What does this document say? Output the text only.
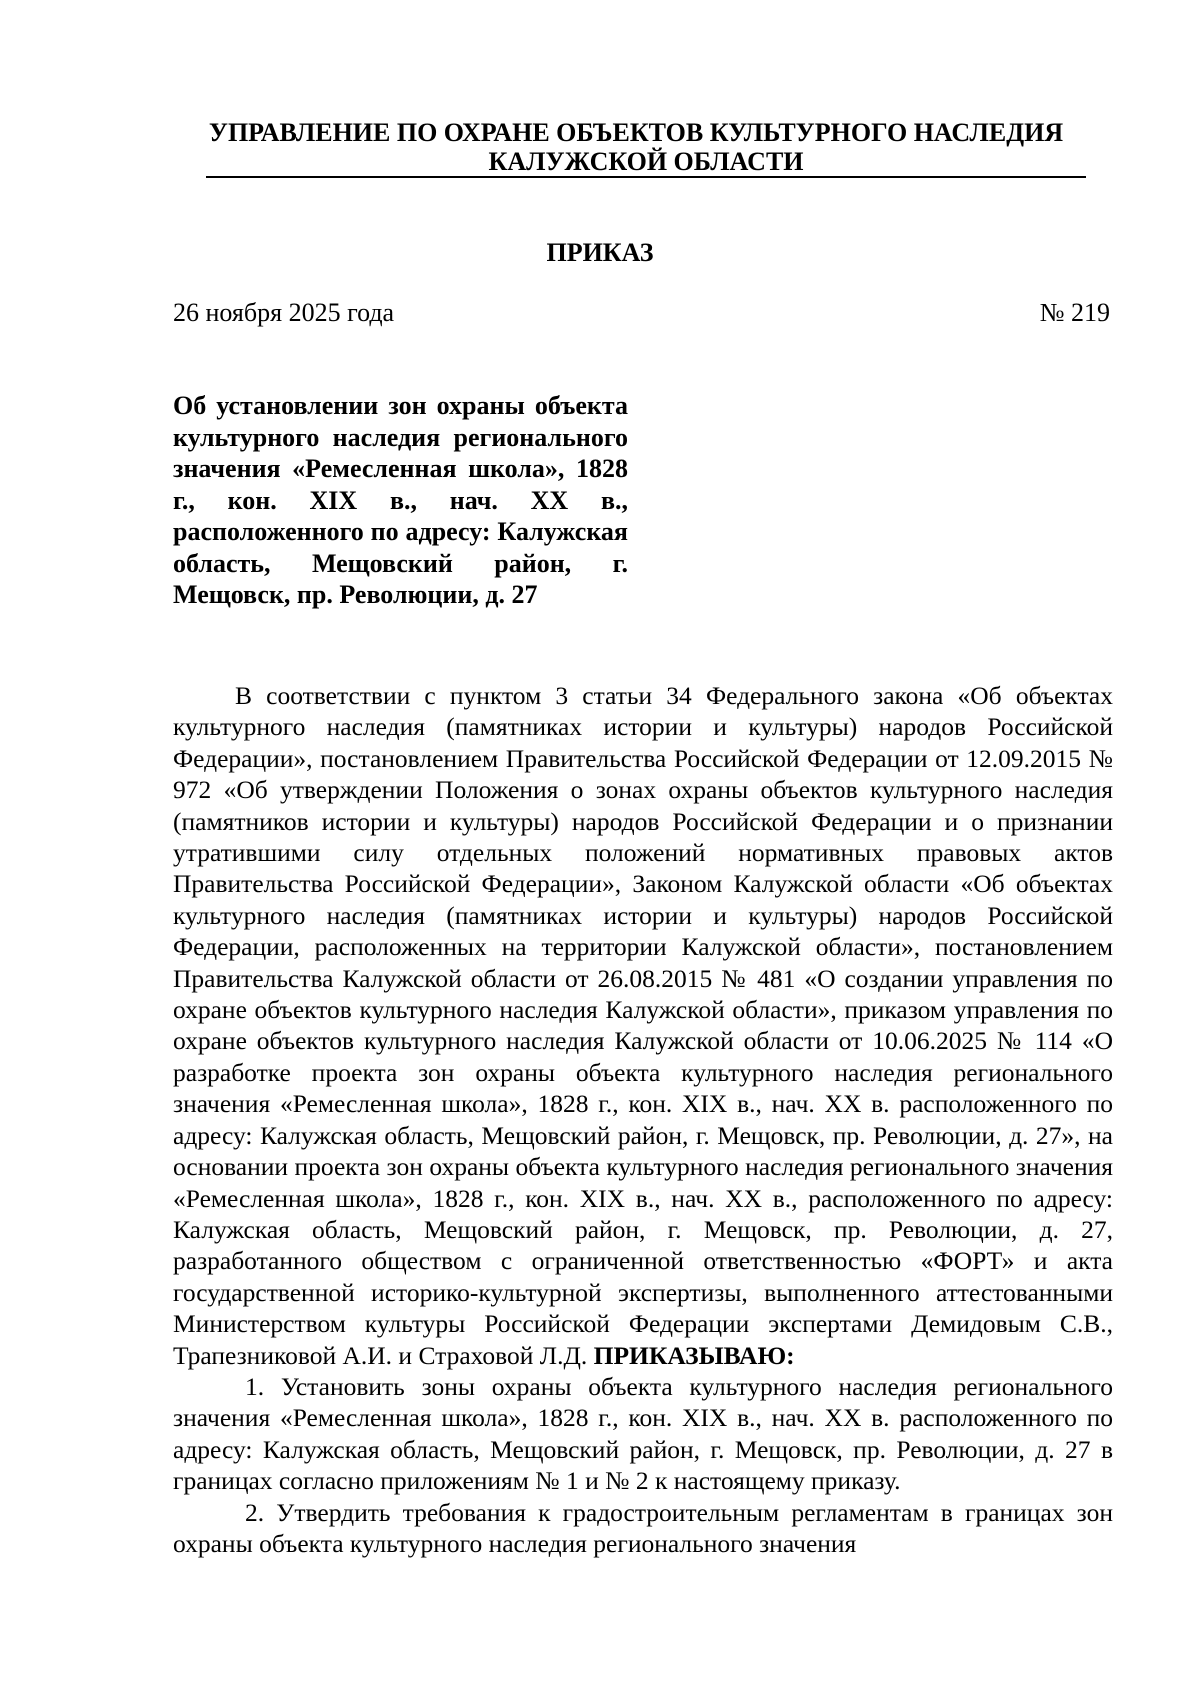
УПРАВЛЕНИЕ ПО ОХРАНЕ ОБЪЕКТОВ КУЛЬТУРНОГО НАСЛЕДИЯ

КАЛУЖСКОЙ ОБЛАСТИ
ПРИКАЗ
26 ноября 2025 года	№ 219
Об установлении зон охраны объекта культурного наследия регионального значения «Ремесленная школа», 1828 г., кон. XIX в., нач. XX в., расположенного по адресу: Калужская область, Мещовский район, г. Мещовск, пр. Революции, д. 27

В соответствии с пунктом 3 статьи 34 Федерального закона «Об объектах культурного наследия (памятниках истории и культуры) народов Российской Федерации», постановлением Правительства Российской Федерации от 12.09.2015 № 972 «Об утверждении Положения о зонах охраны объектов культурного наследия (памятников истории и культуры) народов Российской Федерации и о признании утратившими силу отдельных положений нормативных правовых актов Правительства Российской Федерации», Законом Калужской области «Об объектах культурного наследия (памятниках истории и культуры) народов Российской Федерации, расположенных на территории Калужской области», постановлением Правительства Калужской области от 26.08.2015 № 481 «О создании управления по охране объектов культурного наследия Калужской области», приказом управления по охране объектов культурного наследия Калужской области от 10.06.2025 № 114 «О разработке проекта зон охраны объекта культурного наследия регионального значения «Ремесленная школа», 1828 г., кон. XIX в., нач. XX в. расположенного по адресу: Калужская область, Мещовский район, г. Мещовск, пр. Революции, д. 27», на основании проекта зон охраны объекта культурного наследия регионального значения «Ремесленная школа», 1828 г., кон. XIX в., нач. XX в., расположенного по адресу: Калужская область, Мещовский район, г. Мещовск, пр. Революции, д. 27, разработанного обществом с ограниченной ответственностью «ФОРТ» и акта государственной историко-культурной экспертизы, выполненного аттестованными Министерством культуры Российской Федерации экспертами Демидовым С.В., Трапезниковой А.И. и Страховой Л.Д. ПРИКАЗЫВАЮ:

1. Установить зоны охраны объекта культурного наследия регионального значения «Ремесленная школа», 1828 г., кон. XIX в., нач. XX в. расположенного по адресу: Калужская область, Мещовский район, г. Мещовск, пр. Революции, д. 27 в границах согласно приложениям № 1 и № 2 к настоящему приказу.

2. Утвердить требования к градостроительным регламентам в границах зон охраны объекта культурного наследия регионального значения
